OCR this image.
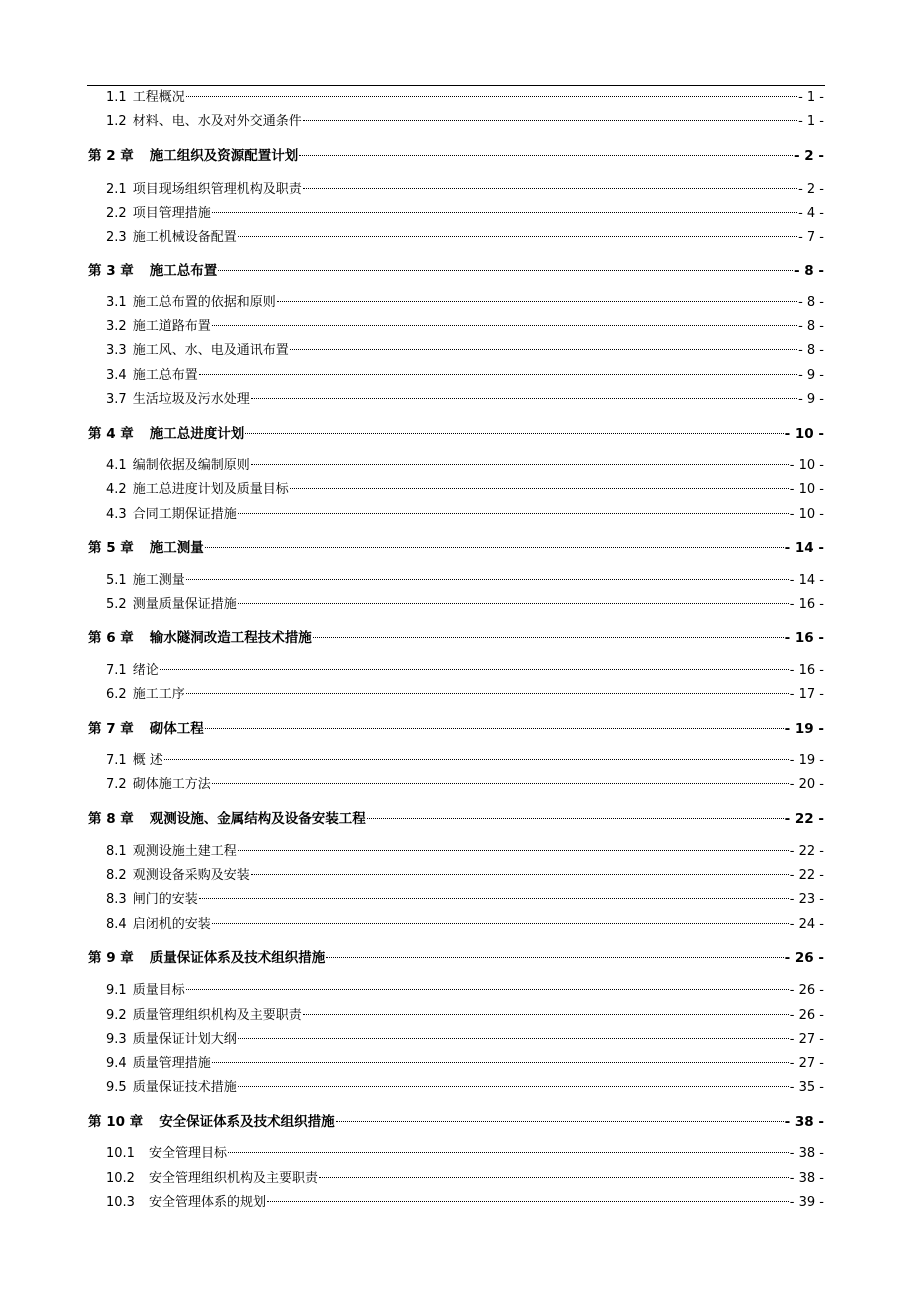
1.1 工程概况	- 1 -
1.2 材料、电、水及对外交通条件	- 1 -
第 2 章 施工组织及资源配置计划	- 2 -
2.1 项目现场组织管理机构及职责	- 2 -
2.2 项目管理措施	- 4 -
2.3 施工机械设备配置	- 7 -
第 3 章 施工总布置	- 8 -
3.1 施工总布置的依据和原则	- 8 -
3.2 施工道路布置	- 8 -
3.3 施工风、水、电及通讯布置	- 8 -
3.4 施工总布置	- 9 -
3.7 生活垃圾及污水处理	- 9 -
第 4 章 施工总进度计划	- 10 -
4.1 编制依据及编制原则	- 10 -
4.2 施工总进度计划及质量目标	- 10 -
4.3 合同工期保证措施	- 10 -
第 5 章 施工测量	- 14 -
5.1 施工测量	- 14 -
5.2 测量质量保证措施	- 16 -
第 6 章 输水隧洞改造工程技术措施	- 16 -
7.1 绪论	- 16 -
6.2 施工工序	- 17 -
第 7 章 砌体工程	- 19 -
7.1 概 述	- 19 -
7.2 砌体施工方法	- 20 -
第 8 章 观测设施、金属结构及设备安装工程	- 22 -
8.1 观测设施土建工程	- 22 -
8.2 观测设备采购及安装	- 22 -
8.3 闸门的安装	- 23 -
8.4 启闭机的安装	- 24 -
第 9 章 质量保证体系及技术组织措施	- 26 -
9.1 质量目标	- 26 -
9.2 质量管理组织机构及主要职责	- 26 -
9.3 质量保证计划大纲	- 27 -
9.4 质量管理措施	- 27 -
9.5 质量保证技术措施	- 35 -
第 10 章 安全保证体系及技术组织措施	- 38 -
10.1 安全管理目标	- 38 -
10.2 安全管理组织机构及主要职责	- 38 -
10.3 安全管理体系的规划	- 39 -
